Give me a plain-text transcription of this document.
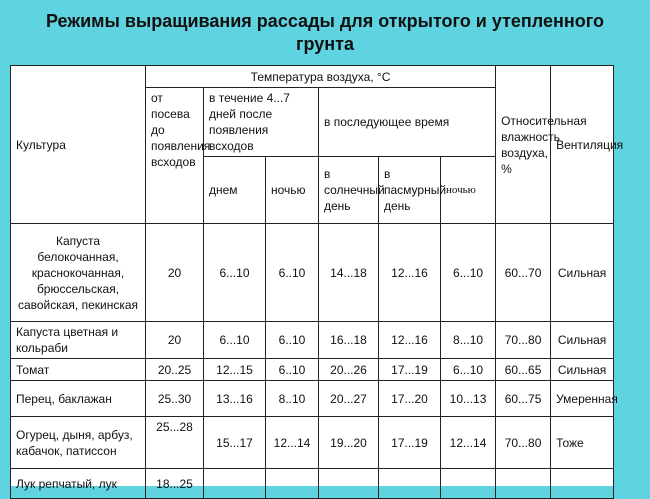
Режимы выращивания рассады для открытого и утепленного
грунта
Культура	Температура воздуха, °С						Относительная влажность воздуха, %	Вентиляция
	от посева до появления всходов	в течение 4...7 дней после появления всходов		в последующее время				
		днем	ночью	в солнечный день	в пасмурный день	ночью		
Капуста белокочанная, краснокочанная, брюссельская, савойская, пекинская	20	6...10	6..10	14...18	12...16	6...10	60...70	Сильная
Капуста цветная и кольраби	20	6...10	6..10	16...18	12...16	8...10	70...80	Сильная
Томат	20..25	12...15	6..10	20...26	17...19	6...10	60...65	Сильная
Перец, баклажан	25..30	13...16	8..10	20...27	17...20	10...13	60...75	Умеренная
Огурец, дыня, арбуз, кабачок, патиссон	25...28	15...17	12...14	19...20	17...19	12...14	70...80	Тоже
Лук репчатый, лук	18...25							
